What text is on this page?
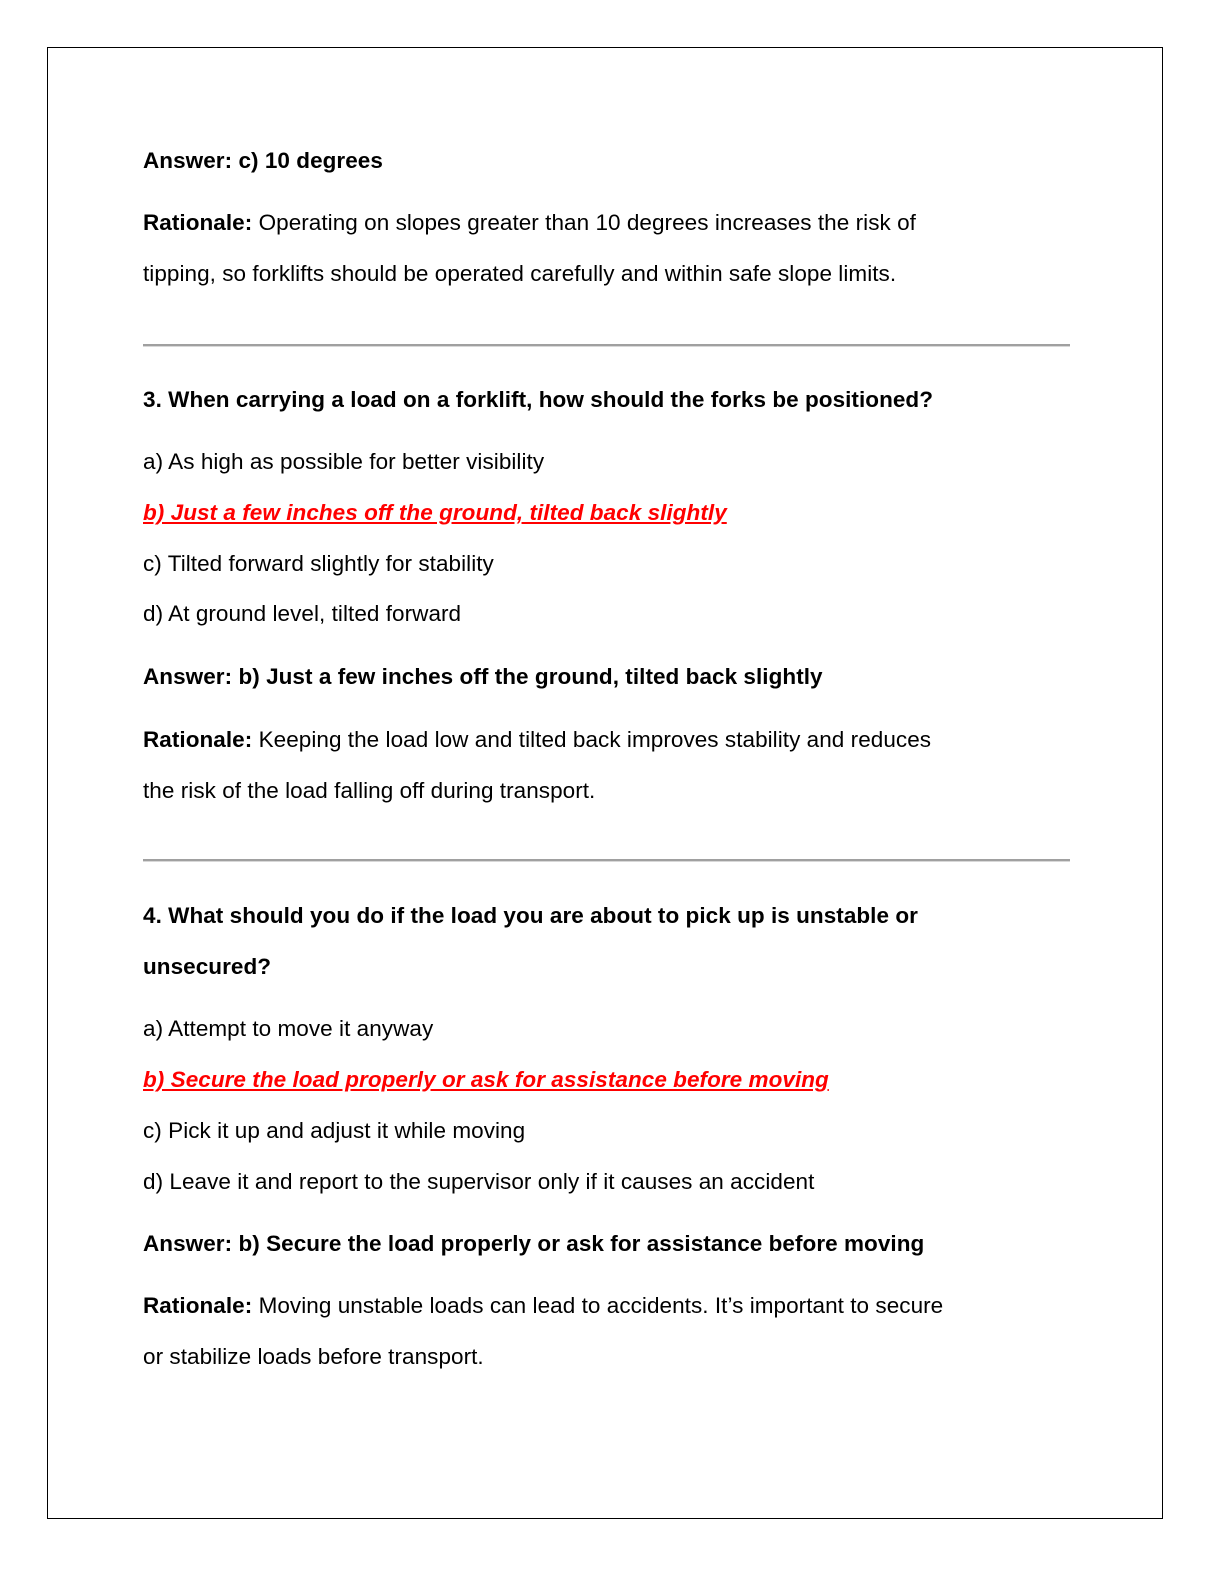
Answer: c) 10 degrees
Rationale: Operating on slopes greater than 10 degrees increases the risk of
tipping, so forklifts should be operated carefully and within safe slope limits.
3. When carrying a load on a forklift, how should the forks be positioned?
a) As high as possible for better visibility
b) Just a few inches off the ground, tilted back slightly
c) Tilted forward slightly for stability
d) At ground level, tilted forward
Answer: b) Just a few inches off the ground, tilted back slightly
Rationale: Keeping the load low and tilted back improves stability and reduces
the risk of the load falling off during transport.
4. What should you do if the load you are about to pick up is unstable or
unsecured?
a) Attempt to move it anyway
b) Secure the load properly or ask for assistance before moving
c) Pick it up and adjust it while moving
d) Leave it and report to the supervisor only if it causes an accident
Answer: b) Secure the load properly or ask for assistance before moving
Rationale: Moving unstable loads can lead to accidents. It’s important to secure
or stabilize loads before transport.
